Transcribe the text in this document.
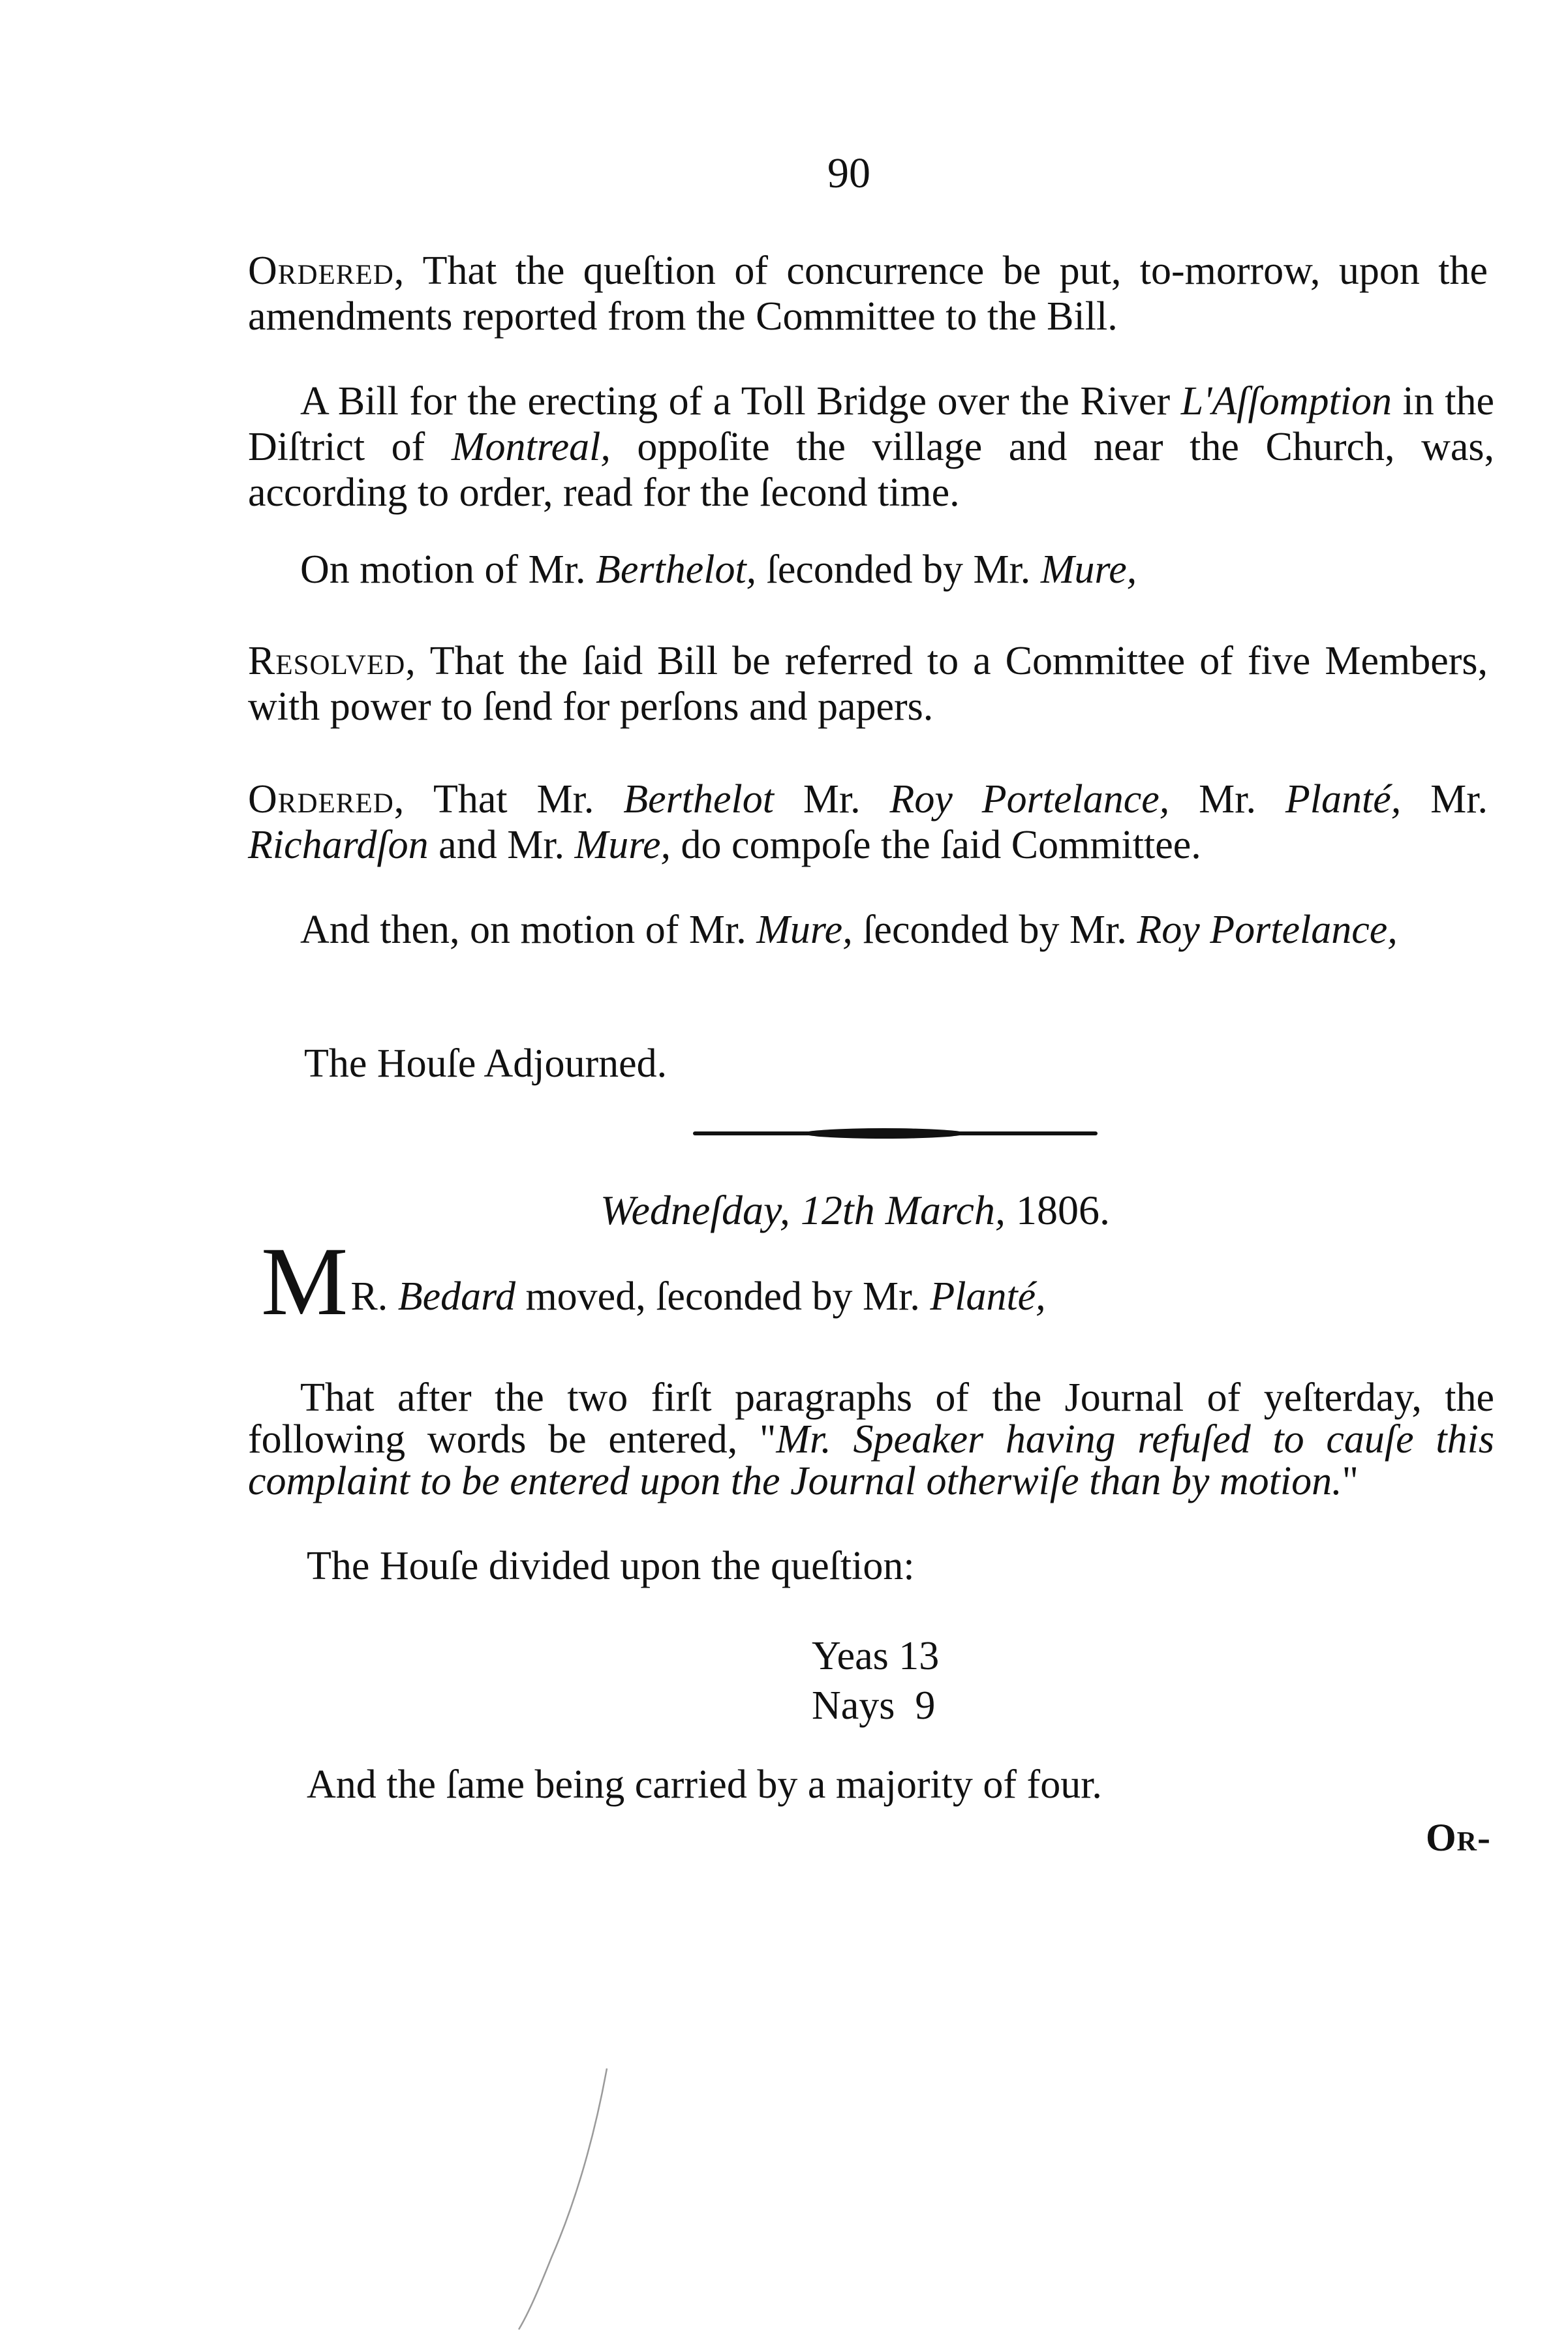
90
Ordered, That the queſtion of concurrence be put, to-morrow, upon the amendments reported from the Committee to the Bill.
A Bill for the erecting of a Toll Bridge over the River L'Aſſomption in the Diſtrict of Montreal, oppoſite the village and near the Church, was, according to order, read for the ſecond time.
On motion of Mr. Berthelot, ſeconded by Mr. Mure,
Resolved, That the ſaid Bill be referred to a Committee of five Members, with power to ſend for perſons and papers.
Ordered, That Mr. Berthelot Mr. Roy Portelance, Mr. Planté, Mr. Richardſon and Mr. Mure, do compoſe the ſaid Committee.
And then, on motion of Mr. Mure, ſeconded by Mr. Roy Portelance,
The Houſe Adjourned.
Wedneſday, 12th March, 1806.
M R. Bedard moved, ſeconded by Mr. Planté,
That after the two firſt paragraphs of the Journal of yeſterday, the following words be entered, "Mr. Speaker having refuſed to cauſe this complaint to be entered upon the Journal otherwiſe than by motion."
The Houſe divided upon the queſtion:
Yeas 13
Nays 9
And the ſame being carried by a majority of four.
Or-
